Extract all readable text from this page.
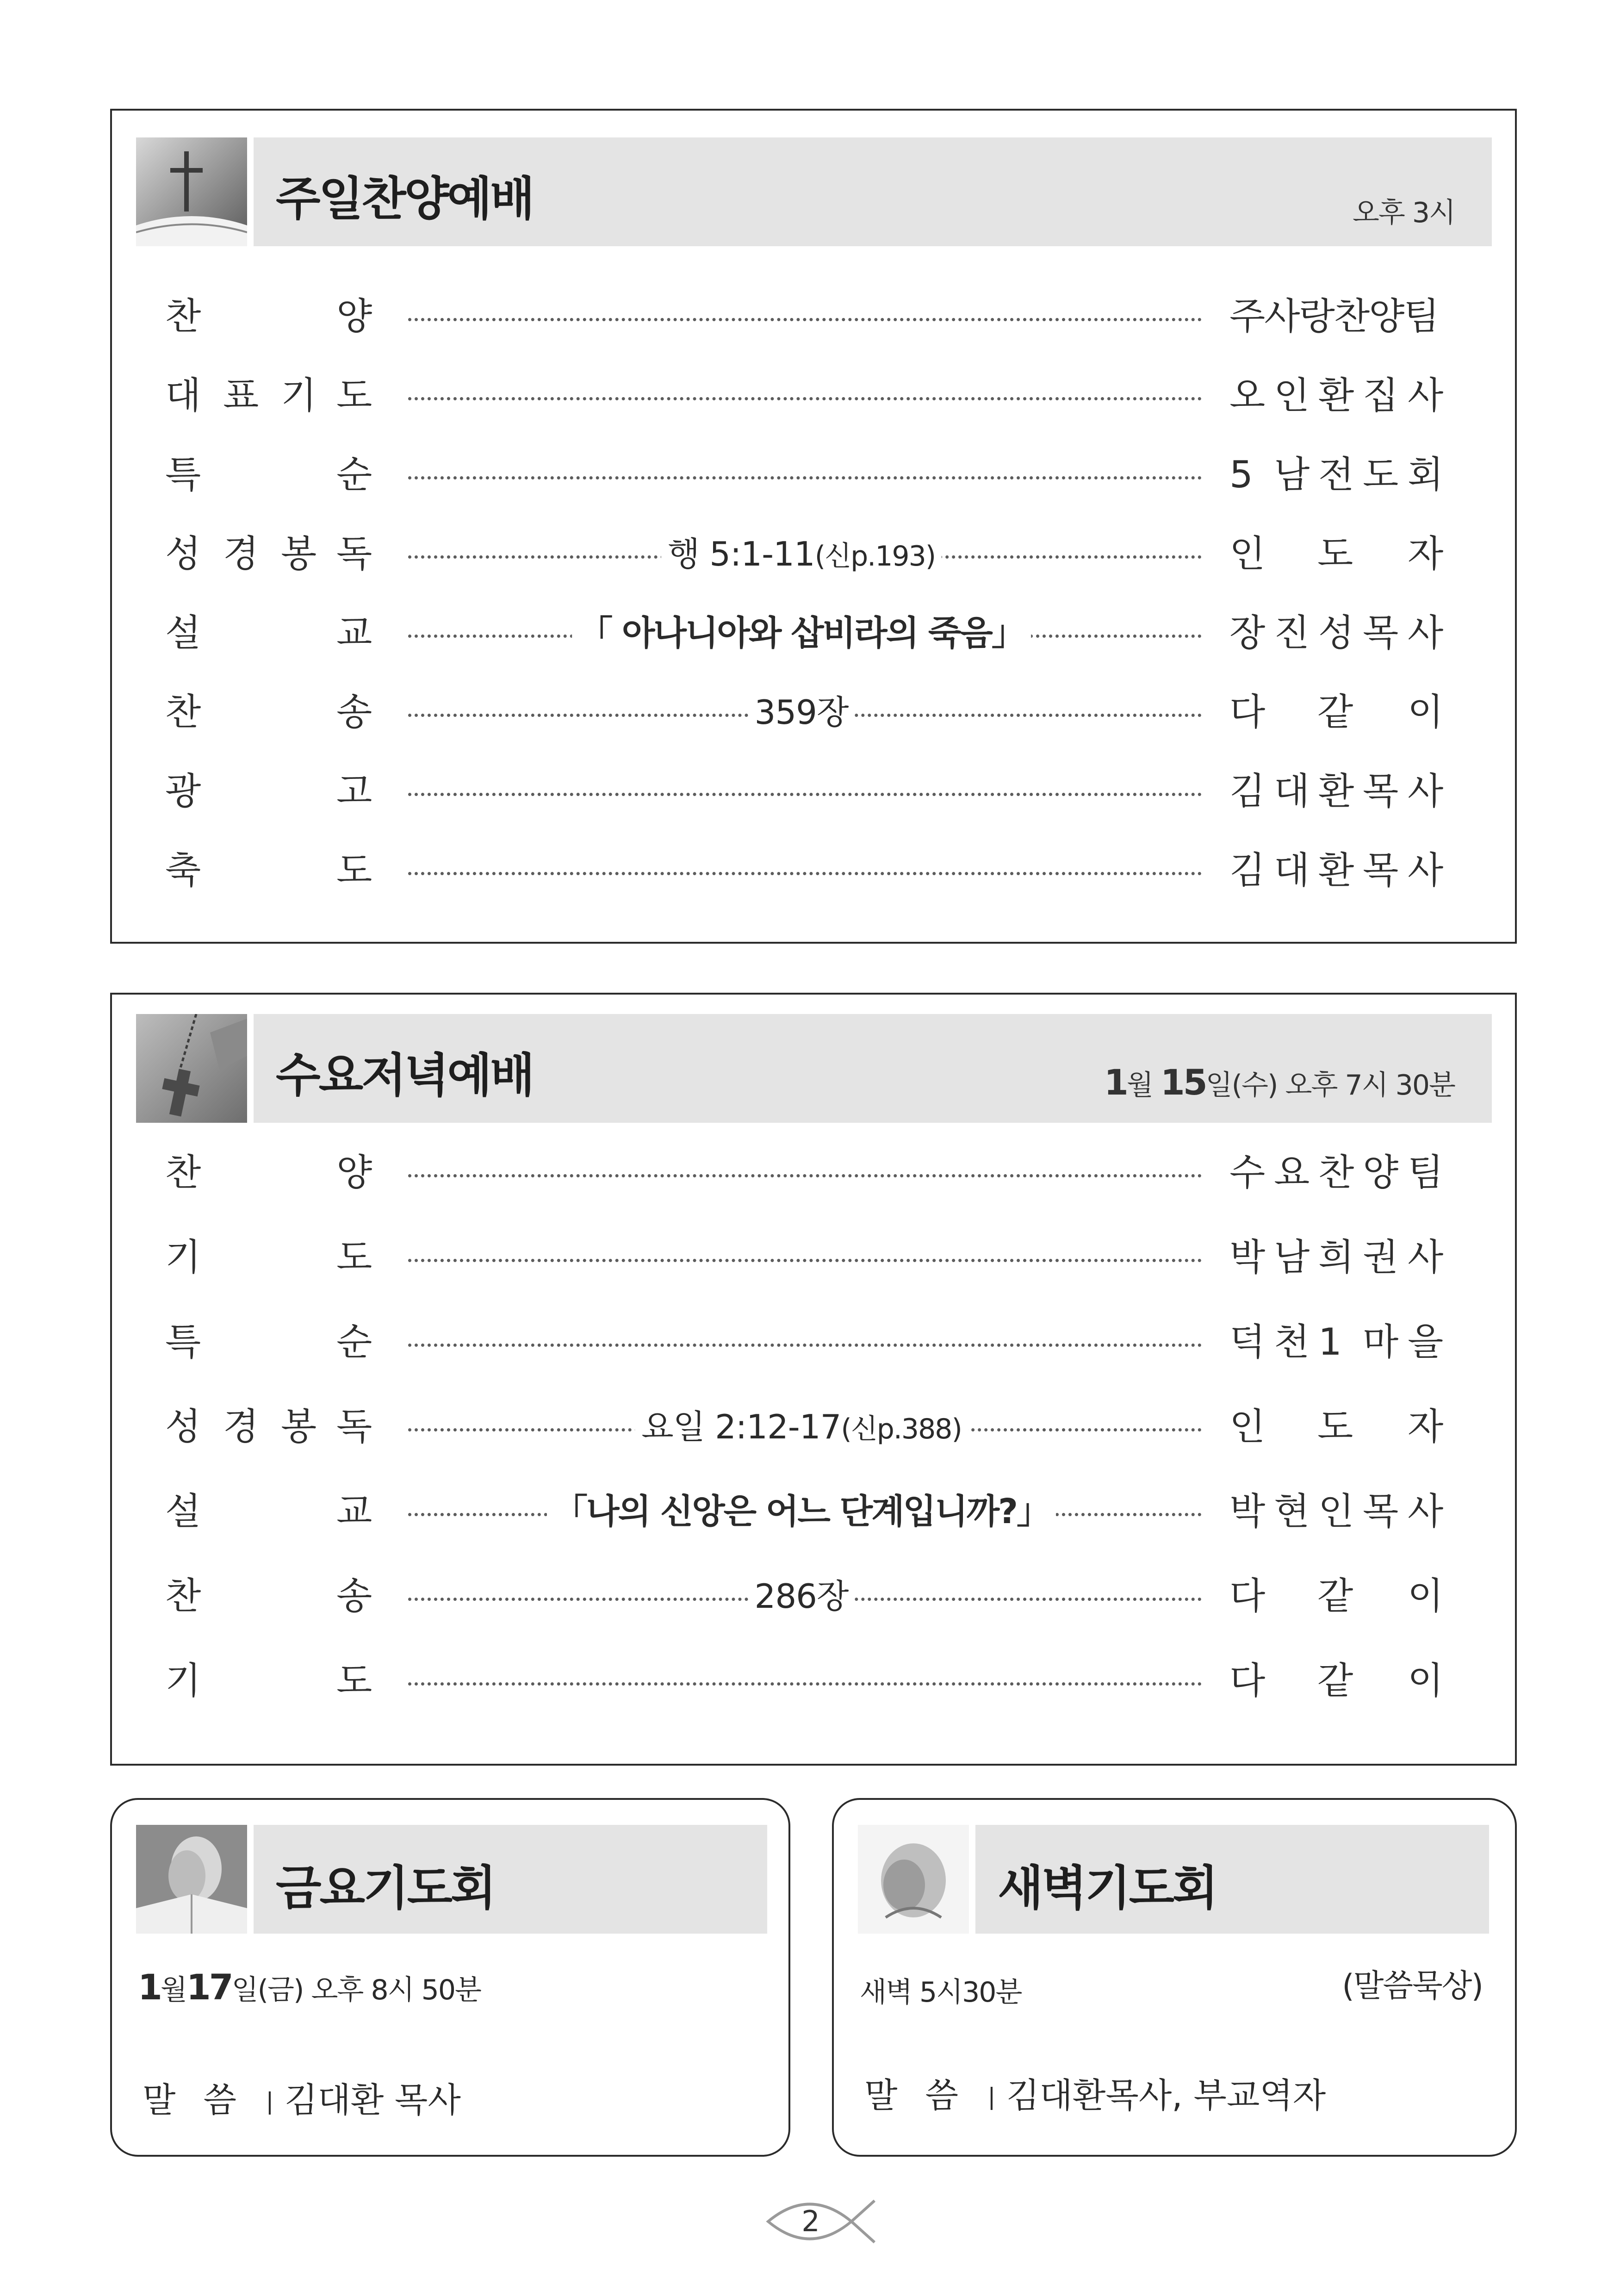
주일찬양예배	오후 3시
찬	양	주사랑찬양팀
대 표 기 도	오 인 환 집 사
특	순	5 남 전 도 회
성 경 봉 독	행 5:1-11(신p.193)	인 도 자
설	교	「 아나니아와 삽비라의 죽음」	장 진 성 목 사
찬	송	359장	다 같 이
광	고	김 대 환 목 사
축	도	김 대 환 목 사
수요저녁예배	1월 15일(수) 오후 7시 30분
찬	양	수 요 찬 양 팀
기	도	박 남 희 권 사
특	순	덕 천 1 마 을
성 경 봉 독	요일 2:12-17(신p.388)	인 도 자
설	교	「나의 신앙은 어느 단계입니까?」	박 현 인 목 사
찬	송	286장	다 같 이
기	도	다 같 이
금요기도회
1월17일(금) 오후 8시 50분
말 씀 | 김대환 목사
새벽기도회
새벽 5시30분	(말씀묵상)
말 씀 | 김대환목사, 부교역자
2
